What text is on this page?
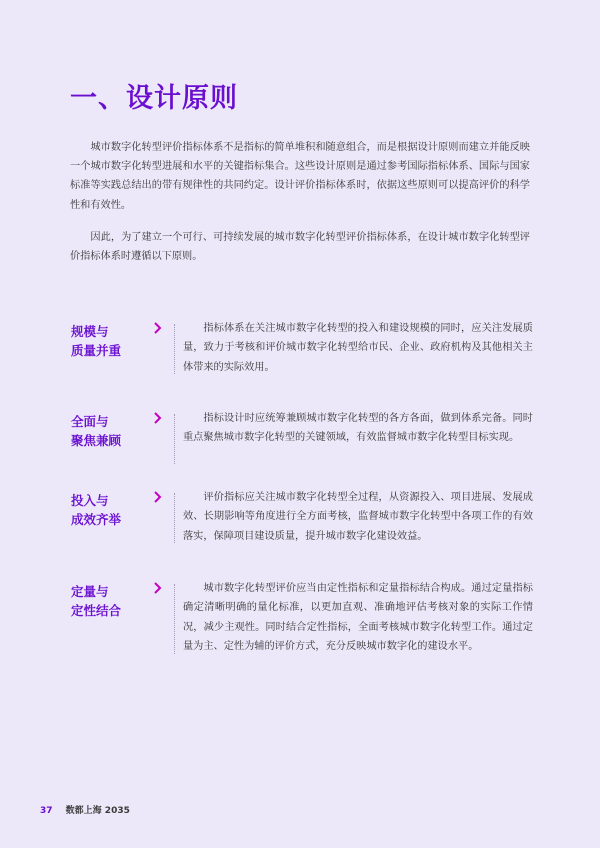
一、设计原则

城市数字化转型评价指标体系不是指标的简单堆积和随意组合，而是根据设计原则而建立并能反映一个城市数字化转型进展和水平的关键指标集合。这些设计原则是通过参考国际指标体系、国际与国家标准等实践总结出的带有规律性的共同约定。设计评价指标体系时，依据这些原则可以提高评价的科学性和有效性。

因此，为了建立一个可行、可持续发展的城市数字化转型评价指标体系，在设计城市数字化转型评价指标体系时遵循以下原则。

规模与
质量并重

指标体系在关注城市数字化转型的投入和建设规模的同时，应关注发展质量，致力于考核和评价城市数字化转型给市民、企业、政府机构及其他相关主体带来的实际效用。

全面与
聚焦兼顾

指标设计时应统筹兼顾城市数字化转型的各方各面，做到体系完备。同时重点聚焦城市数字化转型的关键领域，有效监督城市数字化转型目标实现。

投入与
成效齐举

评价指标应关注城市数字化转型全过程，从资源投入、项目进展、发展成效、长期影响等角度进行全方面考核，监督城市数字化转型中各项工作的有效落实，保障项目建设质量，提升城市数字化建设效益。

定量与
定性结合

城市数字化转型评价应当由定性指标和定量指标结合构成。通过定量指标确定清晰明确的量化标准，以更加直观、准确地评估考核对象的实际工作情况，减少主观性。同时结合定性指标，全面考核城市数字化转型工作。通过定量为主、定性为辅的评价方式，充分反映城市数字化的建设水平。

37 数都上海 2035
